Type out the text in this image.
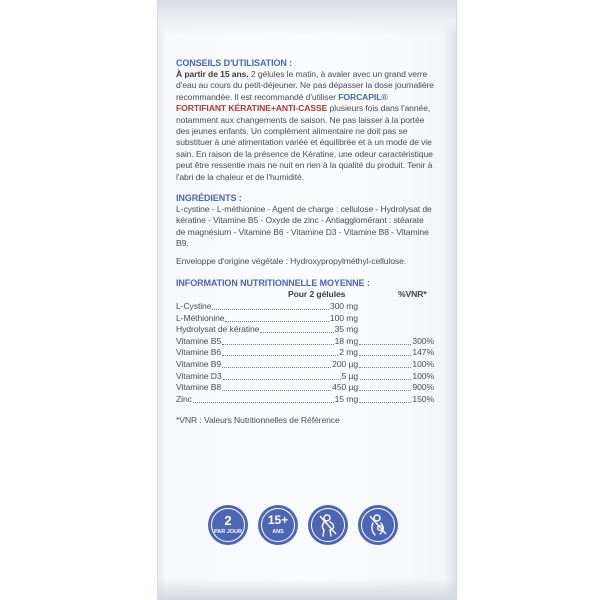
CONSEILS D'UTILISATION :

À partir de 15 ans. 2 gélules le matin, à avaler avec un grand verre d'eau au cours du petit-déjeuner. Ne pas dépasser la dose journalière recommandée. Il est recommandé d'utiliser FORCAPIL® FORTIFIANT KÉRATINE+ANTI-CASSE plusieurs fois dans l'année, notamment aux changements de saison. Ne pas laisser à la portée des jeunes enfants. Un complément alimentaire ne doit pas se substituer à une alimentation variée et équilibrée et à un mode de vie sain. En raison de la présence de Kératine, une odeur caractéristique peut être ressentie mais ne nuit en rien à la qualité du produit. Tenir à l'abri de la chaleur et de l'humidité.

INGRÉDIENTS :

L-cystine - L-méthionine - Agent de charge : cellulose - Hydrolysat de kératine - Vitamine B5 - Oxyde de zinc - Antiagglomérant : stéarate de magnésium - Vitamine B6 - Vitamine D3 - Vitamine B8 - Vitamine B9.

Enveloppe d'origine végétale : Hydroxypropylméthyl-cellulose.

INFORMATION NUTRITIONNELLE MOYENNE :

Pour 2 gélules	%VNR*
L-Cystine	300 mg
L-Méthionine	100 mg
Hydrolysat de kératine	35 mg
Vitamine B5	18 mg	300%
Vitamine B6	2 mg	147%
Vitamine B9	200 µg	100%
Vitamine D3	5 µg	100%
Vitamine B8	450 µg	900%
Zinc	15 mg	150%

*VNR : Valeurs Nutritionnelles de Référence

2
PAR JOUR
15+
ANS
